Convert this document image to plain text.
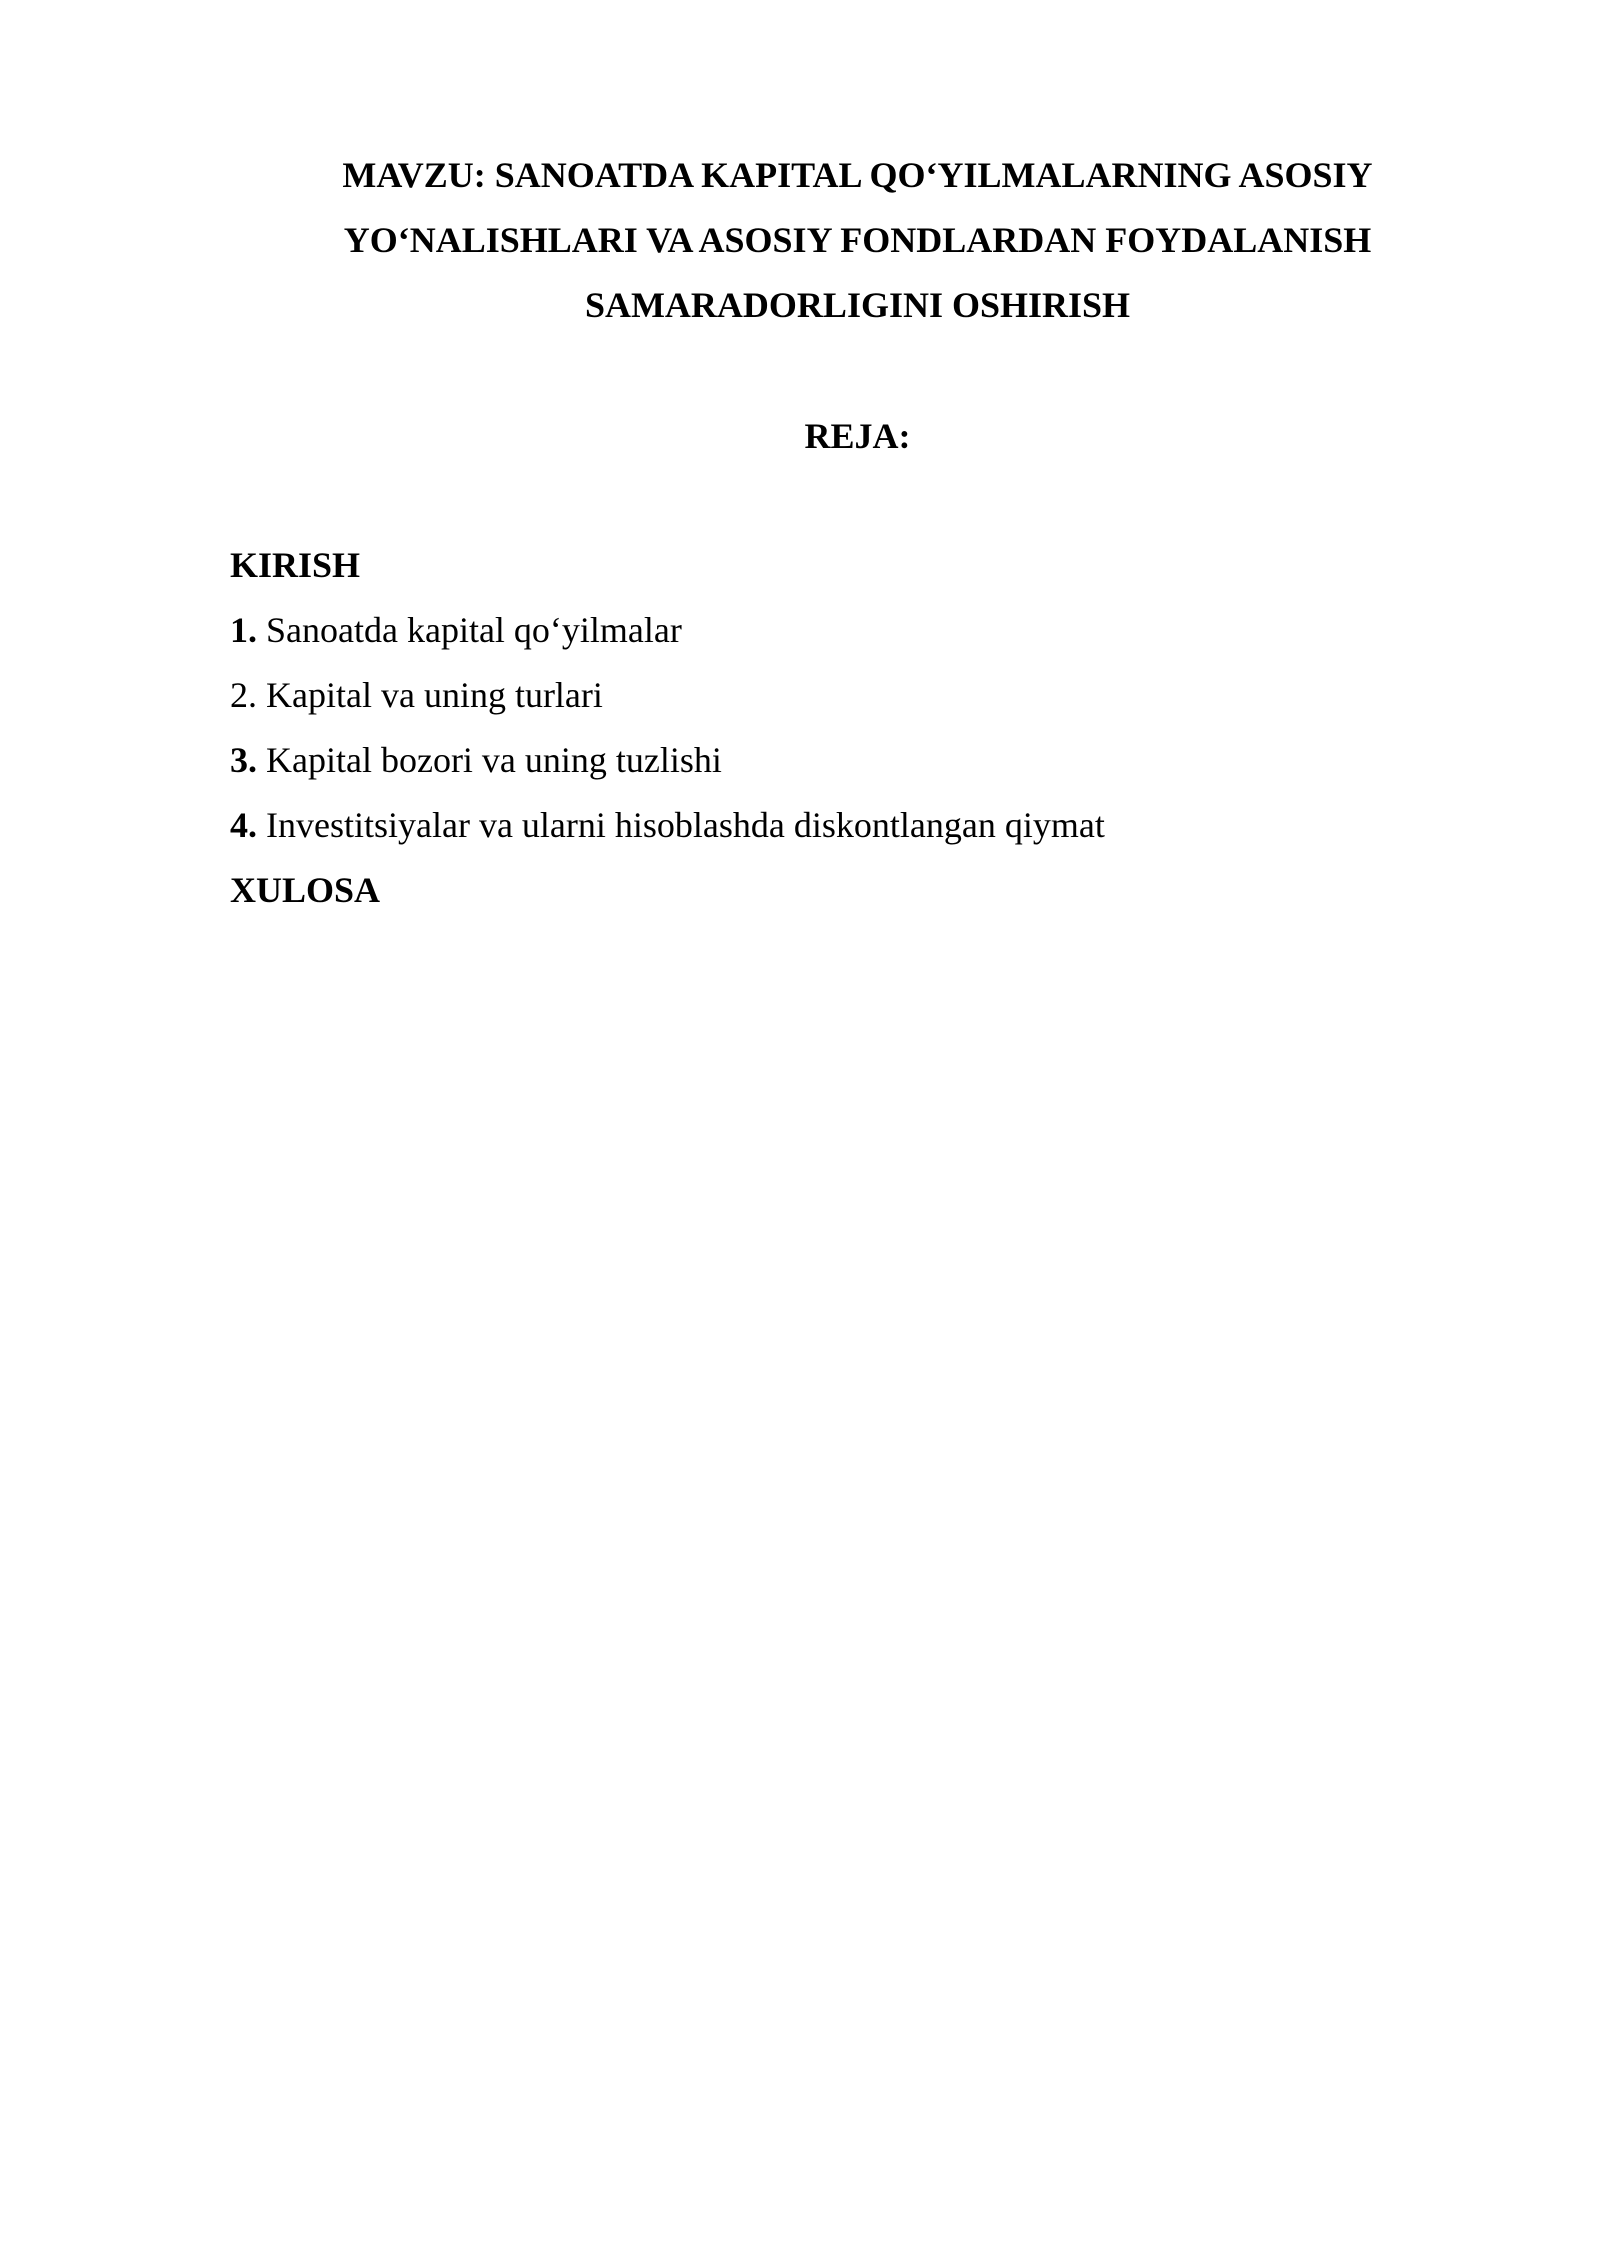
MAVZU: SANOATDA KAPITAL QO‘YILMALARNING ASOSIY
YO‘NALISHLARI VA ASOSIY FONDLARDAN FOYDALANISH
SAMARADORLIGINI OSHIRISH
REJA:
KIRISH
1. Sanoatda kapital qo‘yilmalar
2. Kapital va uning turlari
3. Kapital bozori va uning tuzlishi
4. Investitsiyalar va ularni hisoblashda diskontlangan qiymat
XULOSA
